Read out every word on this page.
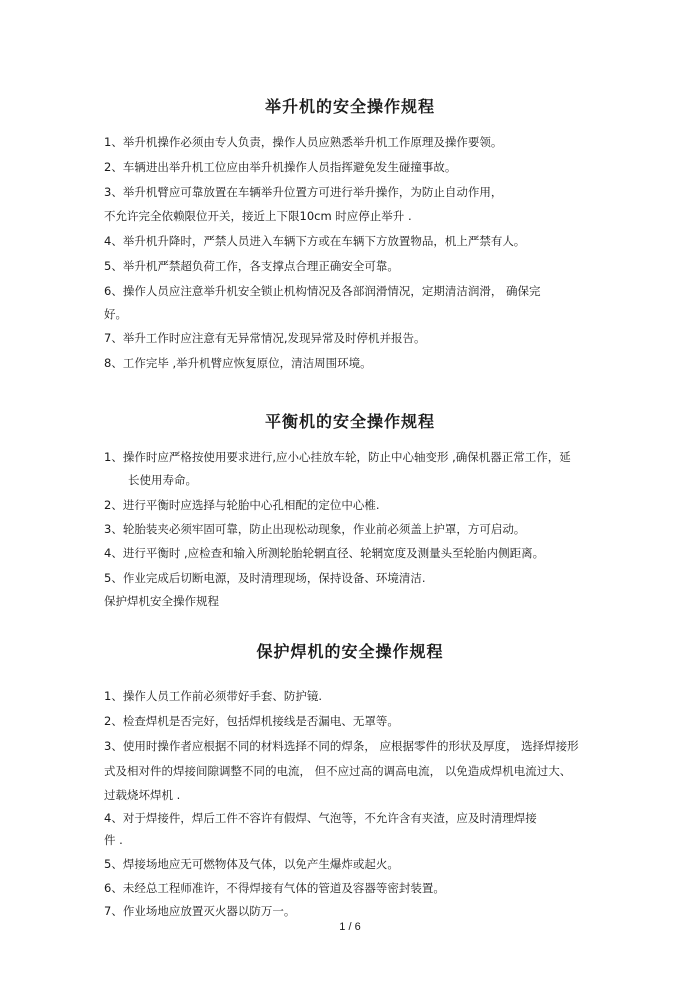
举升机的安全操作规程

1、举升机操作必须由专人负责，操作人员应熟悉举升机工作原理及操作要领。

2、车辆进出举升机工位应由举升机操作人员指挥避免发生碰撞事故。

3、举升机臂应可靠放置在车辆举升位置方可进行举升操作，为防止自动作用，

不允许完全依赖限位开关，接近上下限10cm 时应停止举升 .

4、举升机升降时，严禁人员进入车辆下方或在车辆下方放置物品，机上严禁有人。

5、举升机严禁超负荷工作，各支撑点合理正确安全可靠。

6、操作人员应注意举升机安全锁止机构情况及各部润滑情况，定期清洁润滑， 确保完

好。

7、举升工作时应注意有无异常情况,发现异常及时停机并报告。

8、工作完毕 ,举升机臂应恢复原位，清洁周围环境。

平衡机的安全操作规程

1、操作时应严格按使用要求进行,应小心挂放车轮，防止中心轴变形 ,确保机器正常工作，延

长使用寿命。

2、进行平衡时应选择与轮胎中心孔相配的定位中心椎.

3、轮胎装夹必须牢固可靠，防止出现松动现象，作业前必须盖上护罩，方可启动。

4、进行平衡时 ,应检查和输入所测轮胎轮辋直径、轮辋宽度及测量头至轮胎内侧距离。

5、作业完成后切断电源，及时清理现场，保持设备、环境清洁.

保护焊机安全操作规程

保护焊机的安全操作规程

1、操作人员工作前必须带好手套、防护镜.

2、检查焊机是否完好，包括焊机接线是否漏电、无罩等。

3、使用时操作者应根据不同的材料选择不同的焊条， 应根据零件的形状及厚度， 选择焊接形

式及相对件的焊接间隙调整不同的电流， 但不应过高的调高电流， 以免造成焊机电流过大、

过载烧坏焊机 .

4、对于焊接件，焊后工件不容许有假焊、气泡等，不允许含有夹渣，应及时清理焊接

件 .

5、焊接场地应无可燃物体及气体，以免产生爆炸或起火。

6、未经总工程师准许，不得焊接有气体的管道及容器等密封装置。

7、作业场地应放置灭火器以防万一。

1 / 6
